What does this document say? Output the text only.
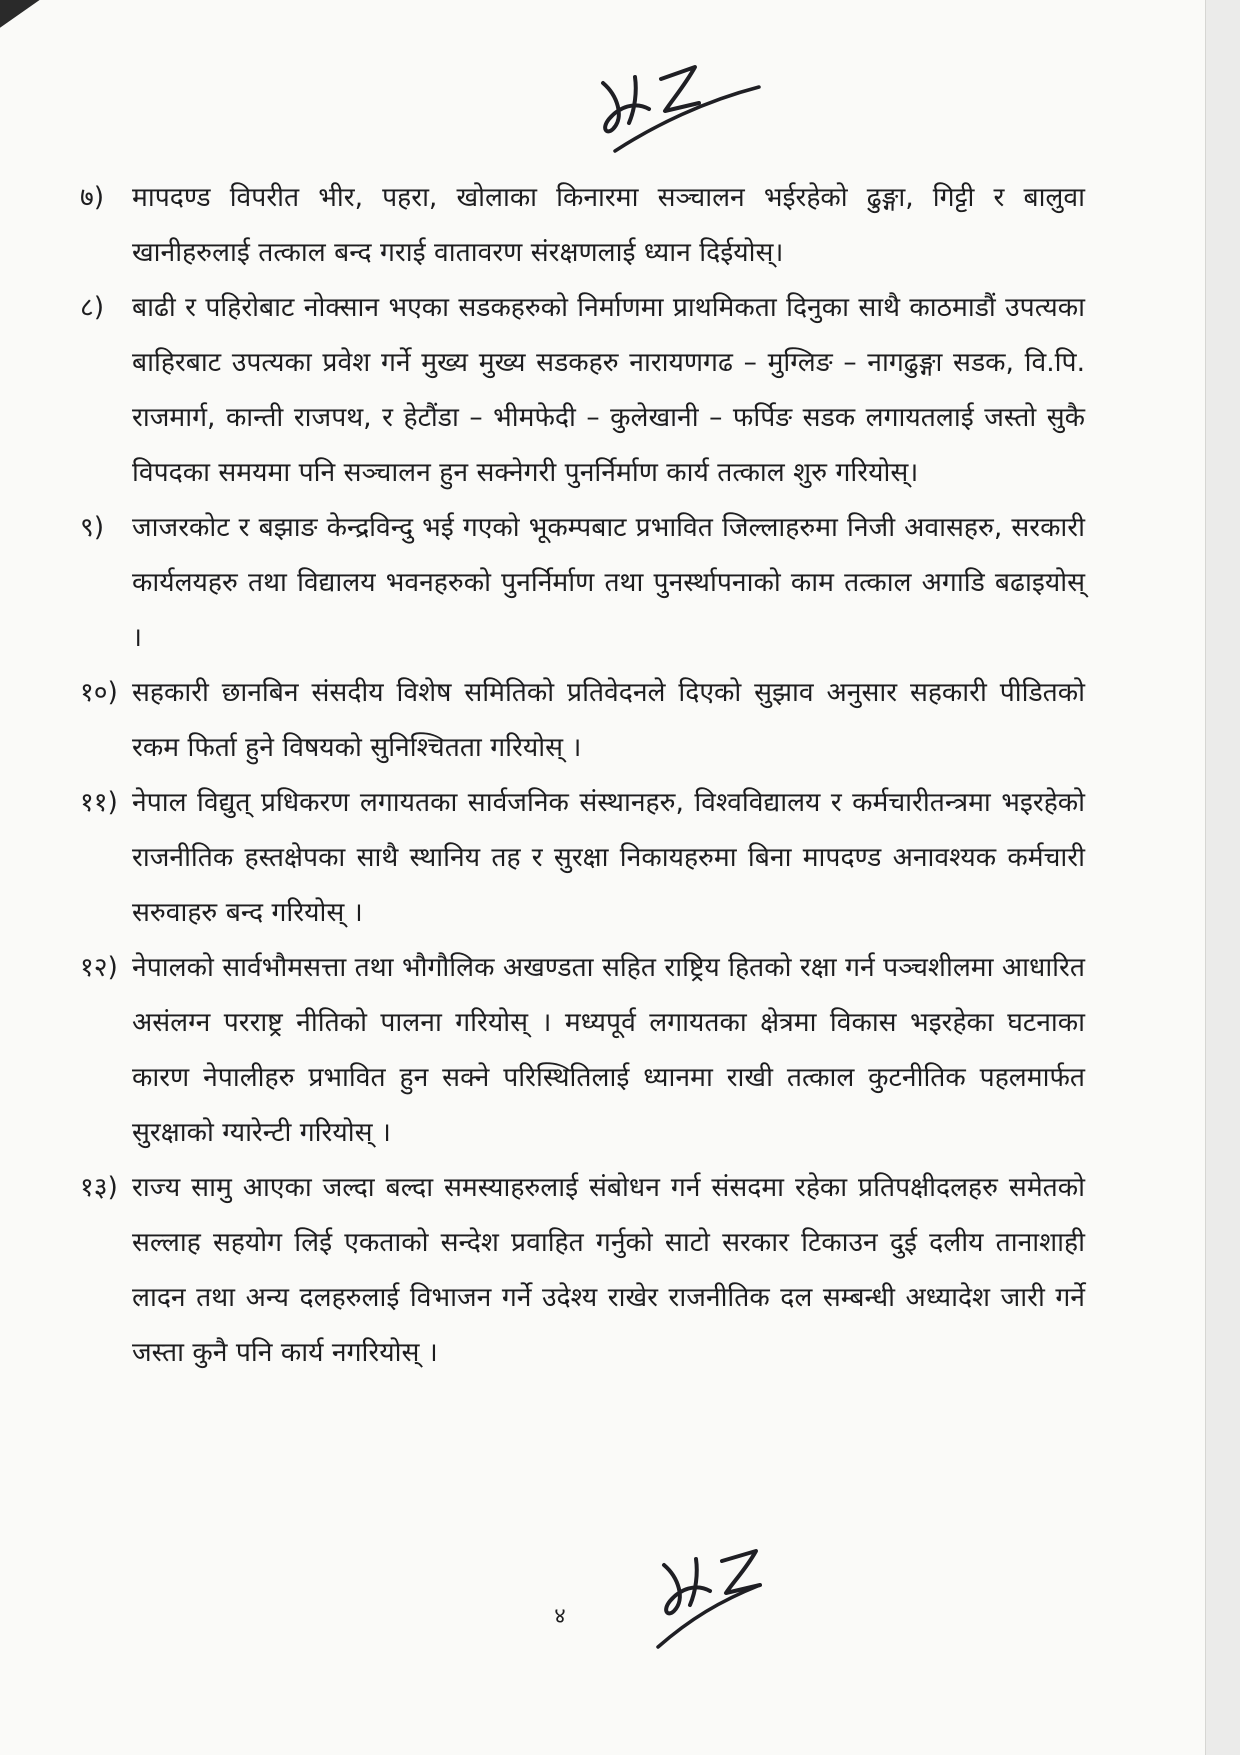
७)	मापदण्ड विपरीत भीर, पहरा, खोलाका किनारमा सञ्चालन भईरहेको ढुङ्गा, गिट्टी र बालुवा खानीहरुलाई तत्काल बन्द गराई वातावरण संरक्षणलाई ध्यान दिईयोस्।
८)	बाढी र पहिरोबाट नोक्सान भएका सडकहरुको निर्माणमा प्राथमिकता दिनुका साथै काठमाडौं उपत्यका बाहिरबाट उपत्यका प्रवेश गर्ने मुख्य मुख्य सडकहरु नारायणगढ – मुग्लिङ – नागढुङ्गा सडक, वि.पि. राजमार्ग, कान्ती राजपथ, र हेटौंडा – भीमफेदी – कुलेखानी – फर्पिङ सडक लगायतलाई जस्तो सुकै विपदका समयमा पनि सञ्चालन हुन सक्नेगरी पुनर्निर्माण कार्य तत्काल शुरु गरियोस्।
९)	जाजरकोट र बझाङ केन्द्रविन्दु भई गएको भूकम्पबाट प्रभावित जिल्लाहरुमा निजी अवासहरु, सरकारी कार्यलयहरु तथा विद्यालय भवनहरुको पुनर्निर्माण तथा पुनर्स्थापनाको काम तत्काल अगाडि बढाइयोस् ।
१०) सहकारी छानबिन संसदीय विशेष समितिको प्रतिवेदनले दिएको सुझाव अनुसार सहकारी पीडितको रकम फिर्ता हुने विषयको सुनिश्चितता गरियोस् ।
११) नेपाल विद्युत् प्रधिकरण लगायतका सार्वजनिक संस्थानहरु, विश्वविद्यालय र कर्मचारीतन्त्रमा भइरहेको राजनीतिक हस्तक्षेपका साथै स्थानिय तह र सुरक्षा निकायहरुमा बिना मापदण्ड अनावश्यक कर्मचारी सरुवाहरु बन्द गरियोस् ।
१२) नेपालको सार्वभौमसत्ता तथा भौगौलिक अखण्डता सहित राष्ट्रिय हितको रक्षा गर्न पञ्चशीलमा आधारित असंलग्न परराष्ट्र नीतिको पालना गरियोस् । मध्यपूर्व लगायतका क्षेत्रमा विकास भइरहेका घटनाका कारण नेपालीहरु प्रभावित हुन सक्ने परिस्थितिलाई ध्यानमा राखी तत्काल कुटनीतिक पहलमार्फत सुरक्षाको ग्यारेन्टी गरियोस् ।
१३) राज्य सामु आएका जल्दा बल्दा समस्याहरुलाई संबोधन गर्न संसदमा रहेका प्रतिपक्षीदलहरु समेतको सल्लाह सहयोग लिई एकताको सन्देश प्रवाहित गर्नुको साटो सरकार टिकाउन दुई दलीय तानाशाही लादन तथा अन्य दलहरुलाई विभाजन गर्ने उदेश्य राखेर राजनीतिक दल सम्बन्धी अध्यादेश जारी गर्ने जस्ता कुनै पनि कार्य नगरियोस् ।
४
